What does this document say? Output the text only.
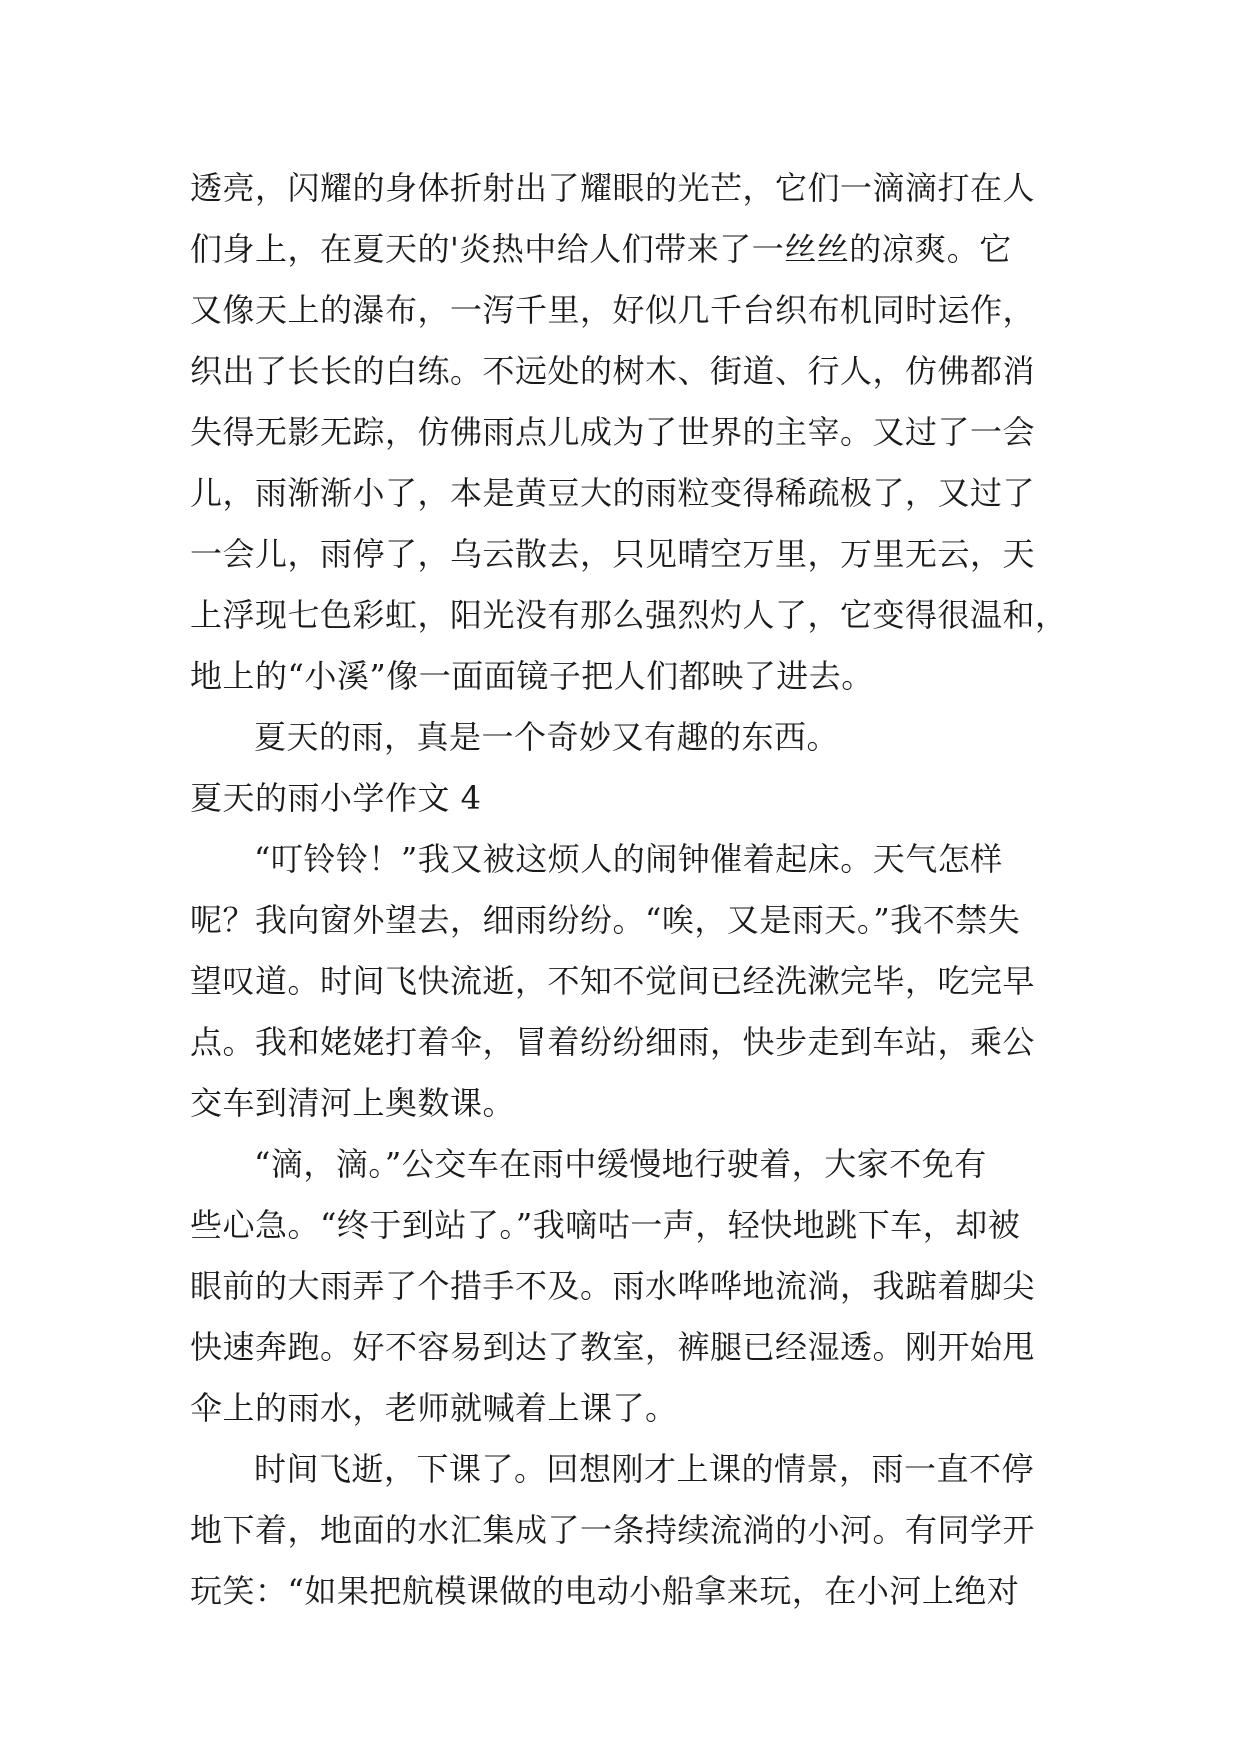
透亮，闪耀的身体折射出了耀眼的光芒，它们一滴滴打在人
们身上，在夏天的'炎热中给人们带来了一丝丝的凉爽。它
又像天上的瀑布，一泻千里，好似几千台织布机同时运作，
织出了长长的白练。不远处的树木、街道、行人，仿佛都消
失得无影无踪，仿佛雨点儿成为了世界的主宰。又过了一会
儿，雨渐渐小了，本是黄豆大的雨粒变得稀疏极了，又过了
一会儿，雨停了，乌云散去，只见晴空万里，万里无云，天
上浮现七色彩虹，阳光没有那么强烈灼人了，它变得很温和，
地上的“小溪”像一面面镜子把人们都映了进去。
夏天的雨，真是一个奇妙又有趣的东西。
夏天的雨小学作文 4
“叮铃铃！”我又被这烦人的闹钟催着起床。天气怎样
呢？我向窗外望去，细雨纷纷。“唉，又是雨天。”我不禁失
望叹道。时间飞快流逝，不知不觉间已经洗漱完毕，吃完早
点。我和姥姥打着伞，冒着纷纷细雨，快步走到车站，乘公
交车到清河上奥数课。
“滴，滴。”公交车在雨中缓慢地行驶着，大家不免有
些心急。“终于到站了。”我嘀咕一声，轻快地跳下车，却被
眼前的大雨弄了个措手不及。雨水哗哗地流淌，我踮着脚尖
快速奔跑。好不容易到达了教室，裤腿已经湿透。刚开始甩
伞上的雨水，老师就喊着上课了。
时间飞逝，下课了。回想刚才上课的情景，雨一直不停
地下着，地面的水汇集成了一条持续流淌的小河。有同学开
玩笑：“如果把航模课做的电动小船拿来玩，在小河上绝对
